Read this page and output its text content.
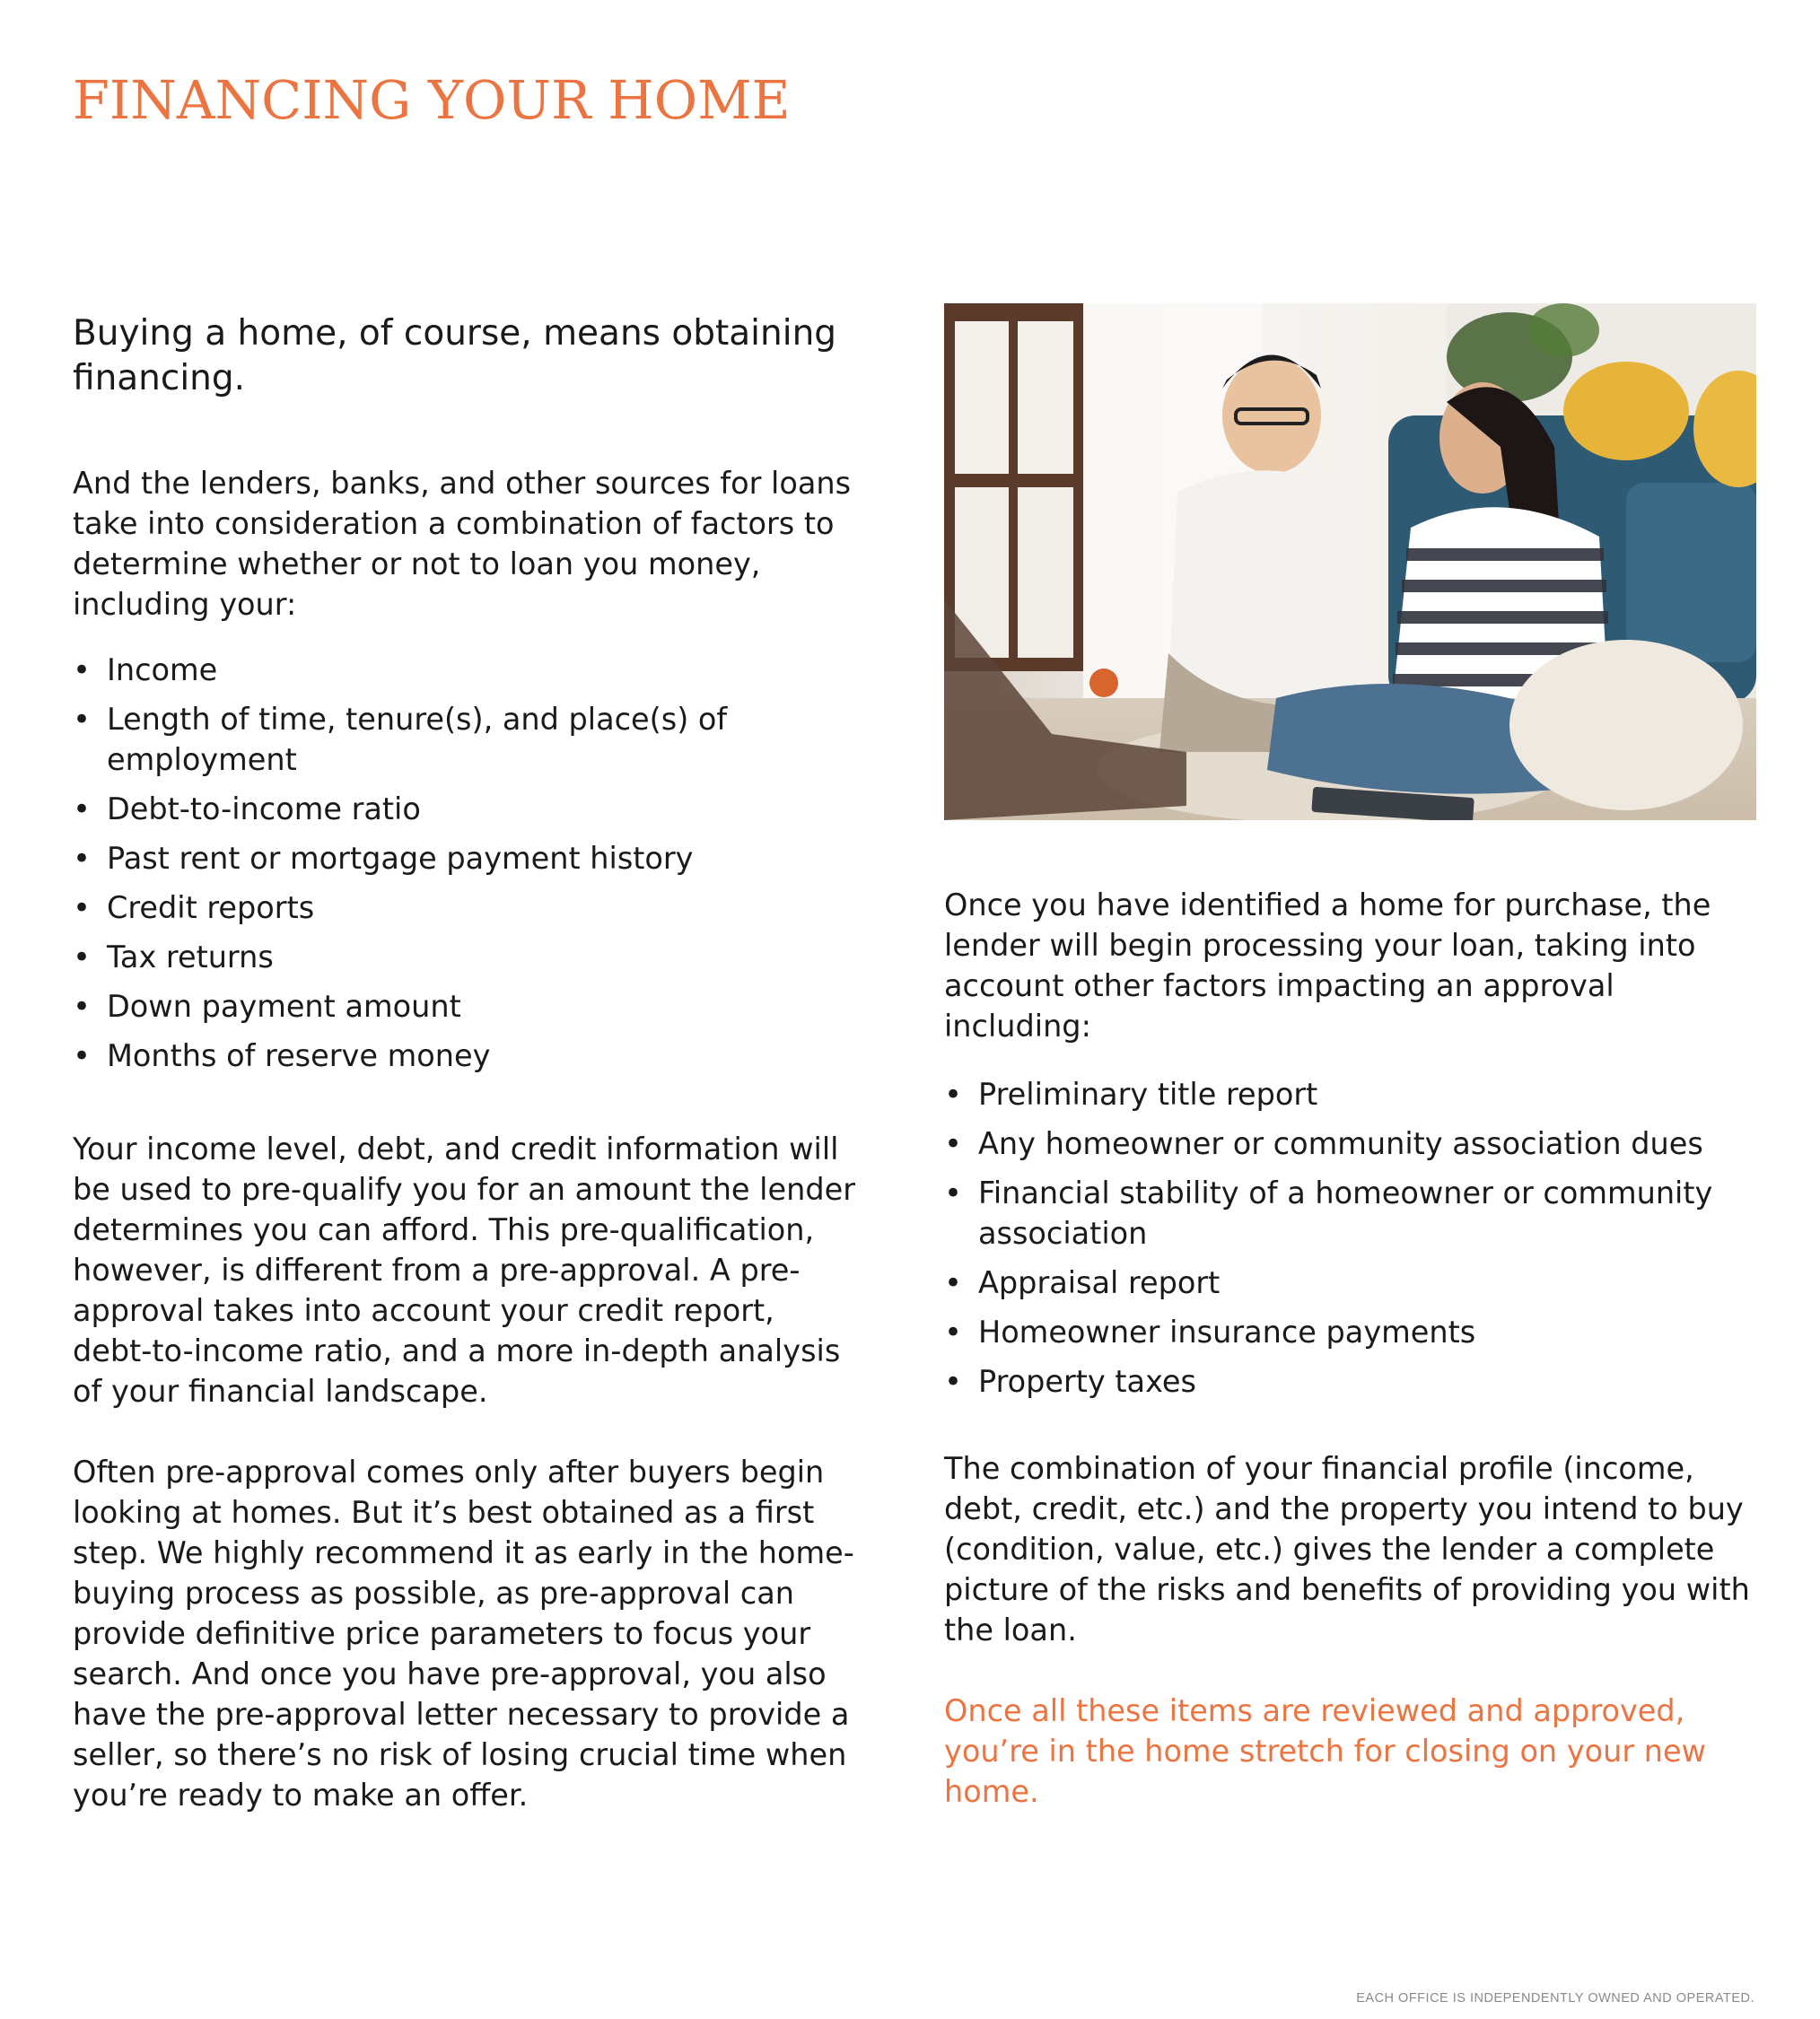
FINANCING YOUR HOME
Buying a home, of course, means obtaining financing.

And the lenders, banks, and other sources for loans take into consideration a combination of factors to determine whether or not to loan you money, including your:

• Income
• Length of time, tenure(s), and place(s) of employment
• Debt-to-income ratio
• Past rent or mortgage payment history
• Credit reports
• Tax returns
• Down payment amount
• Months of reserve money

Your income level, debt, and credit information will be used to pre-qualify you for an amount the lender determines you can afford. This pre-qualification, however, is different from a pre-approval. A pre-approval takes into account your credit report, debt-to-income ratio, and a more in-depth analysis of your financial landscape.

Often pre-approval comes only after buyers begin looking at homes. But it’s best obtained as a first step. We highly recommend it as early in the home-buying process as possible, as pre-approval can provide definitive price parameters to focus your search. And once you have pre-approval, you also have the pre-approval letter necessary to provide a seller, so there’s no risk of losing crucial time when you’re ready to make an offer.

Once you have identified a home for purchase, the lender will begin processing your loan, taking into account other factors impacting an approval including:

• Preliminary title report
• Any homeowner or community association dues
• Financial stability of a homeowner or community association
• Appraisal report
• Homeowner insurance payments
• Property taxes

The combination of your financial profile (income, debt, credit, etc.) and the property you intend to buy (condition, value, etc.) gives the lender a complete picture of the risks and benefits of providing you with the loan.

Once all these items are reviewed and approved, you’re in the home stretch for closing on your new home.

EACH OFFICE IS INDEPENDENTLY OWNED AND OPERATED.
